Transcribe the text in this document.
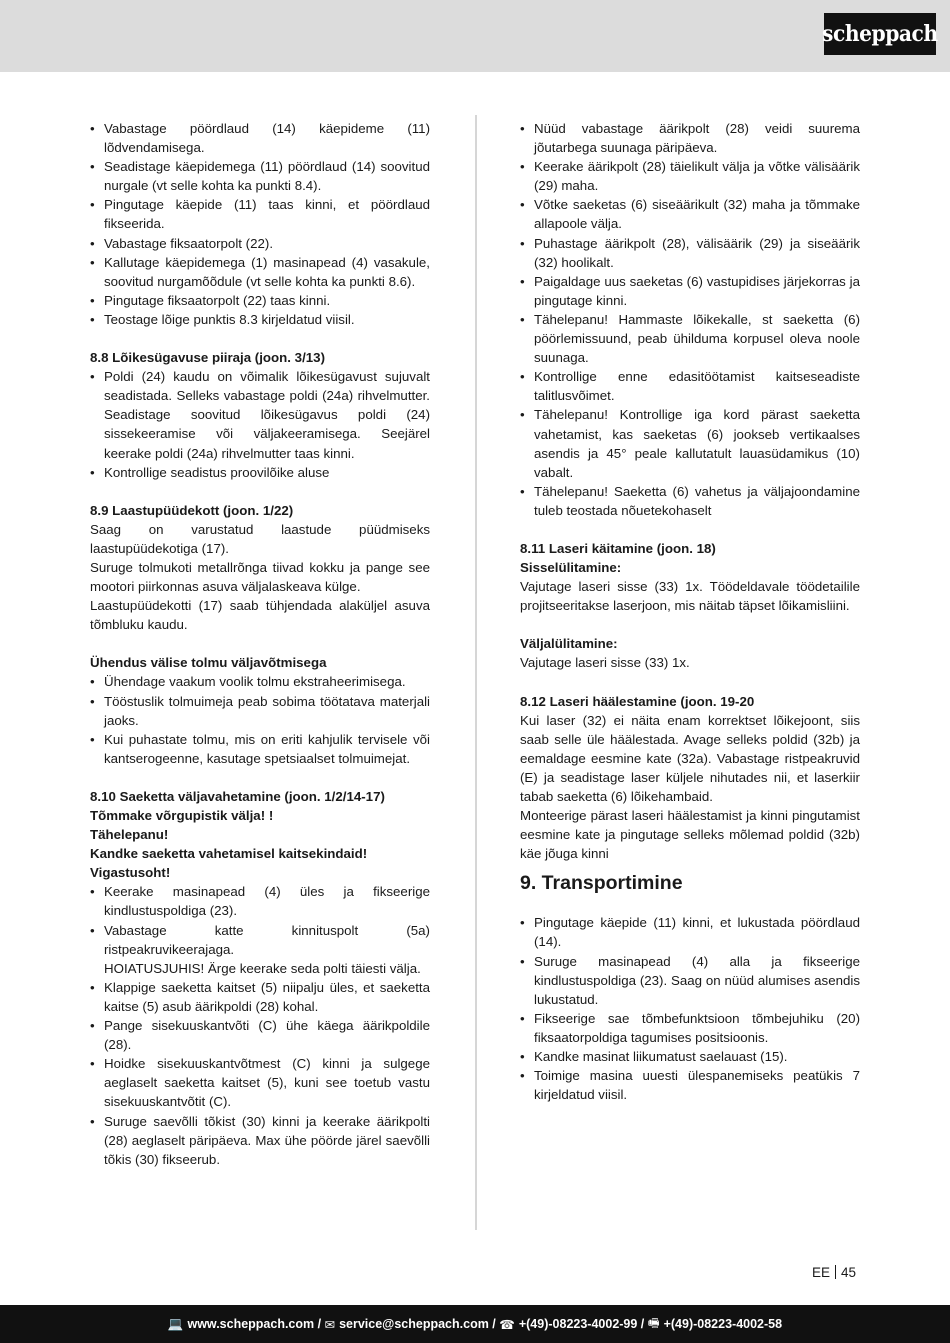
scheppach
• Vabastage pöördlaud (14) käepideme (11) lõdvendamisega.
• Seadistage käepidemega (11) pöördlaud (14) soovitud nurgale (vt selle kohta ka punkti 8.4).
• Pingutage käepide (11) taas kinni, et pöördlaud fikseerida.
• Vabastage fiksaatorpolt (22).
• Kallutage käepidemega (1) masinapead (4) vasakule, soovitud nurgamõõdule (vt selle kohta ka punkti 8.6).
• Pingutage fiksaatorpolt (22) taas kinni.
• Teostage lõige punktis 8.3 kirjeldatud viisil.
8.8 Lõikesügavuse piiraja (joon. 3/13)
• Poldi (24) kaudu on võimalik lõikesügavust sujuvalt seadistada. Selleks vabastage poldi (24a) rihvelmutter. Seadistage soovitud lõikesügavus poldi (24) sissekeeramise või väljakeeramisega. Seejärel keerake poldi (24a) rihvelmutter taas kinni.
• Kontrollige seadistus proovilõike aluse
8.9 Laastupüüdekott (joon. 1/22)

Saag on varustatud laastude püüdmiseks laastupüüdekotiga (17).

Suruge tolmukoti metallrõnga tiivad kokku ja pange see mootori piirkonnas asuva väljalaskeava külge.

Laastupüüdekotti (17) saab tühjendada alaküljel asuva tõmbluku kaudu.

Ühendus välise tolmu väljavõtmisega
• Ühendage vaakum voolik tolmu ekstraheerimisega.
• Tööstuslik tolmuimeja peab sobima töötatava materjali jaoks.
• Kui puhastate tolmu, mis on eriti kahjulik tervisele või kantserogeenne, kasutage spetsiaalset tolmuimejat.
8.10 Saeketta väljavahetamine (joon. 1/2/14-17)
Tõmmake võrgupistik välja! !
Tähelepanu!
Kandke saeketta vahetamisel kaitsekindaid! Vigastusoht!
• Keerake masinapead (4) üles ja fikseerige kindlustuspoldiga (23).
• Vabastage katte kinnituspolt (5a) ristpeakruvikeerajaga.
HOIATUSJUHIS! Ärge keerake seda polti täiesti välja.
• Klappige saeketta kaitset (5) niipalju üles, et saeketta kaitse (5) asub äärikpoldi (28) kohal.
• Pange sisekuuskantvõti (C) ühe käega äärikpoldile (28).
• Hoidke sisekuuskantvõtmest (C) kinni ja sulgege aeglaselt saeketta kaitset (5), kuni see toetub vastu sisekuuskantvõtit (C).
• Suruge saevõlli tõkist (30) kinni ja keerake äärikpolti (28) aeglaselt päripäeva. Max ühe pöörde järel saevõlli tõkis (30) fikseerub.
• Nüüd vabastage äärikpolt (28) veidi suurema jõutarbega suunaga päripäeva.
• Keerake äärikpolt (28) täielikult välja ja võtke välisäärik (29) maha.
• Võtke saeketas (6) siseäärikult (32) maha ja tõmmake allapoole välja.
• Puhastage äärikpolt (28), välisäärik (29) ja siseäärik (32) hoolikalt.
• Paigaldage uus saeketas (6) vastupidises järjekorras ja pingutage kinni.
• Tähelepanu! Hammaste lõikekalle, st saeketta (6) pöörlemissuund, peab ühilduma korpusel oleva noole suunaga.
• Kontrollige enne edasitöötamist kaitseseadiste talitlusvõimet.
• Tähelepanu! Kontrollige iga kord pärast saeketta vahetamist, kas saeketas (6) jookseb vertikaalses asendis ja 45° peale kallutatult lauasüdamikus (10) vabalt.
• Tähelepanu! Saeketta (6) vahetus ja väljajoondamine tuleb teostada nõuetekohaselt
8.11 Laseri käitamine (joon. 18)
Sisselülitamine:

Vajutage laseri sisse (33) 1x. Töödeldavale töödetailile projitseeritakse laserjoon, mis näitab täpset lõikamisliini.

Väljalülitamine:

Vajutage laseri sisse (33) 1x.

8.12 Laseri häälestamine (joon. 19-20

Kui laser (32) ei näita enam korrektset lõikejoont, siis saab selle üle häälestada. Avage selleks poldid (32b) ja eemaldage eesmine kate (32a). Vabastage ristpeakruvid (E) ja seadistage laser küljele nihutades nii, et laserkiir tabab saeketta (6) lõikehambaid.

Monteerige pärast laseri häälestamist ja kinni pingutamist eesmine kate ja pingutage selleks mõlemad poldid (32b) käe jõuga kinni

9. Transportimine
• Pingutage käepide (11) kinni, et lukustada pöördlaud (14).
• Suruge masinapead (4) alla ja fikseerige kindlustuspoldiga (23). Saag on nüüd alumises asendis lukustatud.
• Fikseerige sae tõmbefunktsioon tõmbejuhiku (20) fiksaatorpoldiga tagumises positsioonis.
• Kandke masinat liikumatust saelauast (15).
• Toimige masina uuesti ülespanemiseks peatükis 7 kirjeldatud viisil.
EE 45
💻 www.scheppach.com /
✉ service@scheppach.com /
☎ +(49)-08223-4002-99 /
🖷 +(49)-08223-4002-58
